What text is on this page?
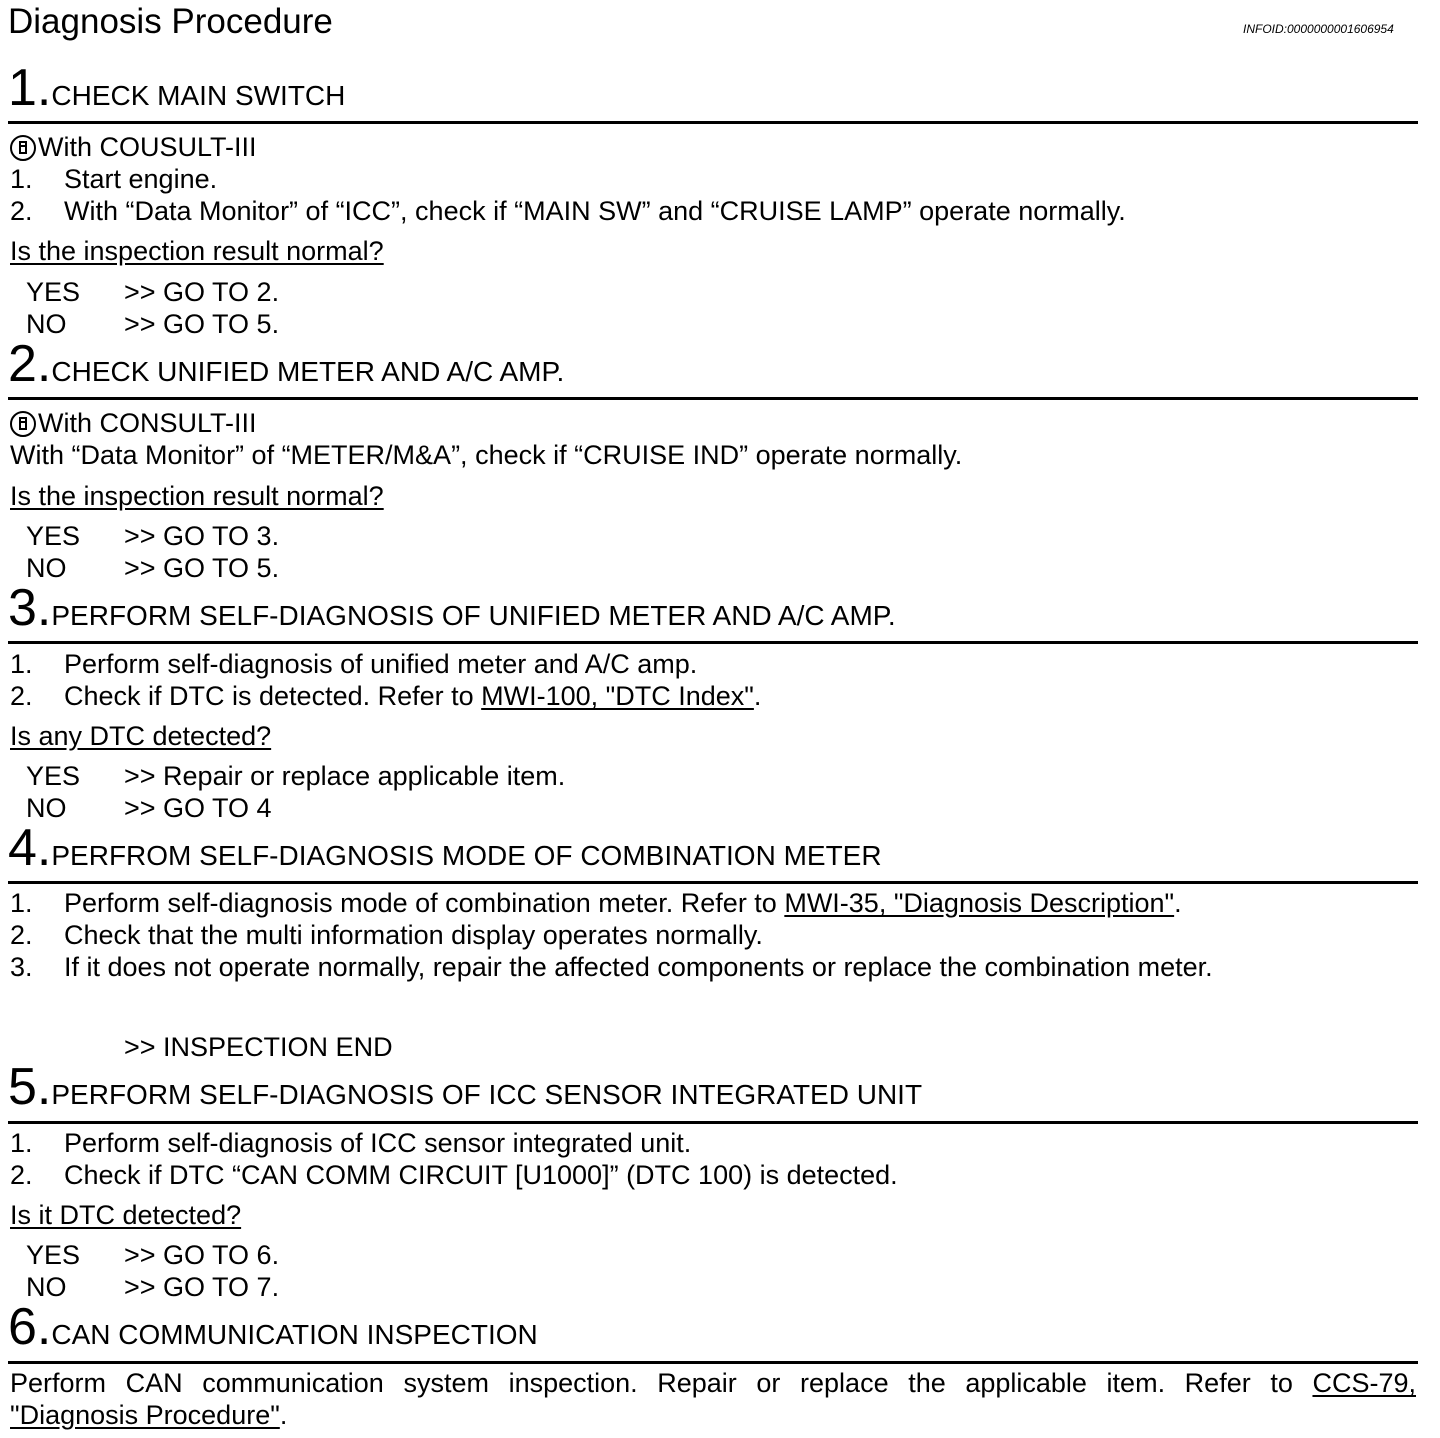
Diagnosis Procedure	INFOID:0000000001606954
1.CHECK MAIN SWITCH
With COUSULT-III
1. Start engine.
2. With “Data Monitor” of “ICC”, check if “MAIN SW” and “CRUISE LAMP” operate normally.
Is the inspection result normal?
YES >> GO TO 2.
NO >> GO TO 5.
2.CHECK UNIFIED METER AND A/C AMP.
With CONSULT-III
With “Data Monitor” of “METER/M&A”, check if “CRUISE IND” operate normally.
Is the inspection result normal?
YES >> GO TO 3.
NO >> GO TO 5.
3.PERFORM SELF-DIAGNOSIS OF UNIFIED METER AND A/C AMP.
1. Perform self-diagnosis of unified meter and A/C amp.
2. Check if DTC is detected. Refer to MWI-100, "DTC Index".
Is any DTC detected?
YES >> Repair or replace applicable item.
NO >> GO TO 4
4.PERFROM SELF-DIAGNOSIS MODE OF COMBINATION METER
1. Perform self-diagnosis mode of combination meter. Refer to MWI-35, "Diagnosis Description".
2. Check that the multi information display operates normally.
3. If it does not operate normally, repair the affected components or replace the combination meter.
>> INSPECTION END
5.PERFORM SELF-DIAGNOSIS OF ICC SENSOR INTEGRATED UNIT
1. Perform self-diagnosis of ICC sensor integrated unit.
2. Check if DTC “CAN COMM CIRCUIT [U1000]” (DTC 100) is detected.
Is it DTC detected?
YES >> GO TO 6.
NO >> GO TO 7.
6.CAN COMMUNICATION INSPECTION
Perform CAN communication system inspection. Repair or replace the applicable item. Refer to CCS-79,
"Diagnosis Procedure".
